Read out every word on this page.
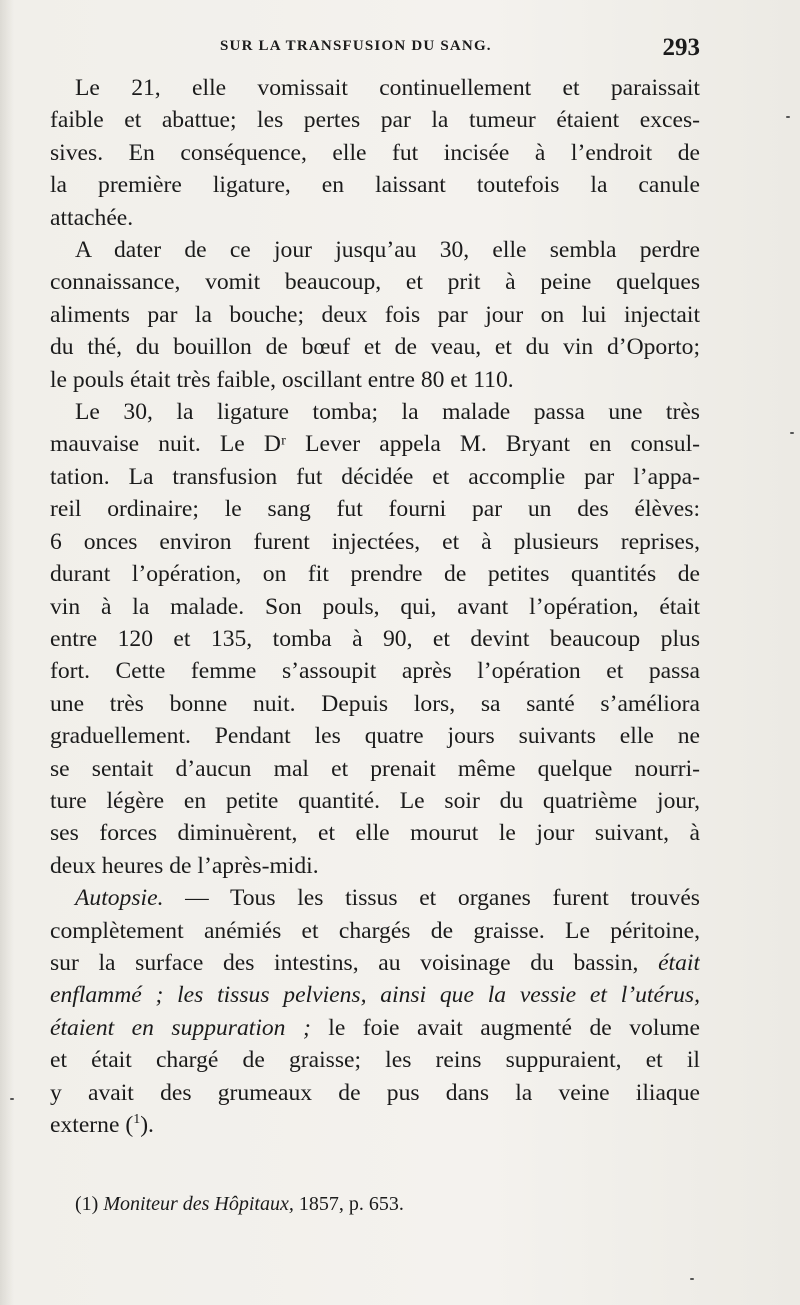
SUR LA TRANSFUSION DU SANG.	293

Le 21, elle vomissait continuellement et paraissait
faible et abattue; les pertes par la tumeur étaient exces-
sives. En conséquence, elle fut incisée à l’endroit de
la première ligature, en laissant toutefois la canule
attachée.

A dater de ce jour jusqu’au 30, elle sembla perdre
connaissance, vomit beaucoup, et prit à peine quelques
aliments par la bouche; deux fois par jour on lui injectait
du thé, du bouillon de bœuf et de veau, et du vin d’Oporto;
le pouls était très faible, oscillant entre 80 et 110.

Le 30, la ligature tomba; la malade passa une très
mauvaise nuit. Le Dʳ Lever appela M. Bryant en consul-
tation. La transfusion fut décidée et accomplie par l’appa-
reil ordinaire; le sang fut fourni par un des élèves:
6 onces environ furent injectées, et à plusieurs reprises,
durant l’opération, on fit prendre de petites quantités de
vin à la malade. Son pouls, qui, avant l’opération, était
entre 120 et 135, tomba à 90, et devint beaucoup plus
fort. Cette femme s’assoupit après l’opération et passa
une très bonne nuit. Depuis lors, sa santé s’améliora
graduellement. Pendant les quatre jours suivants elle ne
se sentait d’aucun mal et prenait même quelque nourri-
ture légère en petite quantité. Le soir du quatrième jour,
ses forces diminuèrent, et elle mourut le jour suivant, à
deux heures de l’après-midi.

Autopsie. — Tous les tissus et organes furent trouvés
complètement anémiés et chargés de graisse. Le péritoine,
sur la surface des intestins, au voisinage du bassin, était
enflammé ; les tissus pelviens, ainsi que la vessie et l’utérus,
étaient en suppuration ; le foie avait augmenté de volume
et était chargé de graisse; les reins suppuraient, et il
y avait des grumeaux de pus dans la veine iliaque
externe ($^1$).

(1) Moniteur des Hôpitaux, 1857, p. 653.
